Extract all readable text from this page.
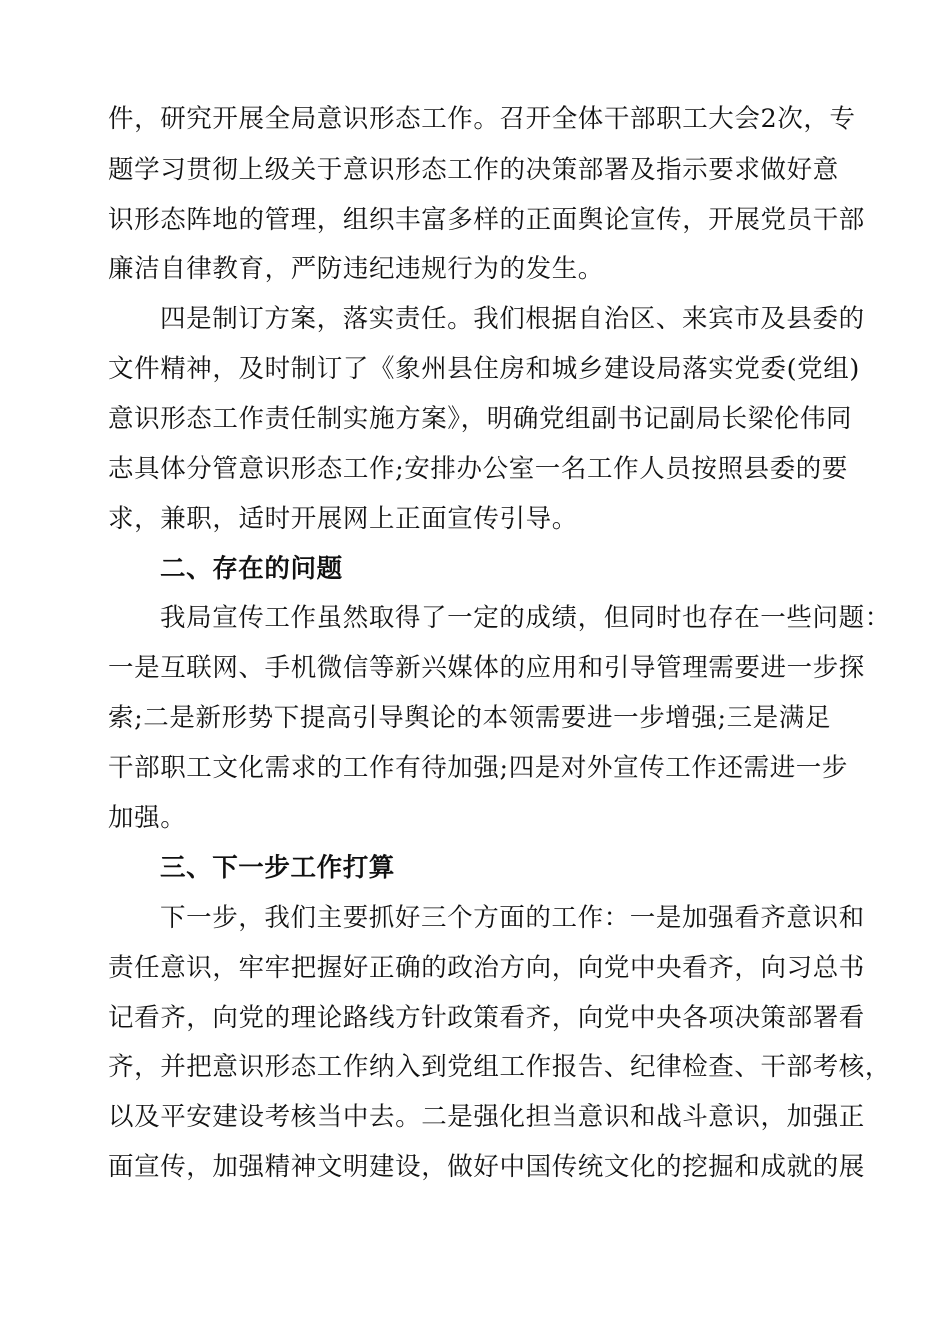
件，研究开展全局意识形态工作。召开全体干部职工大会2次，专
题学习贯彻上级关于意识形态工作的决策部署及指示要求做好意
识形态阵地的管理，组织丰富多样的正面舆论宣传，开展党员干部
廉洁自律教育，严防违纪违规行为的发生。
四是制订方案，落实责任。我们根据自治区、来宾市及县委的
文件精神，及时制订了《象州县住房和城乡建设局落实党委(党组)
意识形态工作责任制实施方案》，明确党组副书记副局长梁伦伟同
志具体分管意识形态工作;安排办公室一名工作人员按照县委的要
求，兼职，适时开展网上正面宣传引导。
二、存在的问题
我局宣传工作虽然取得了一定的成绩，但同时也存在一些问题：
一是互联网、手机微信等新兴媒体的应用和引导管理需要进一步探
索;二是新形势下提高引导舆论的本领需要进一步增强;三是满足
干部职工文化需求的工作有待加强;四是对外宣传工作还需进一步
加强。
三、下一步工作打算
下一步，我们主要抓好三个方面的工作：一是加强看齐意识和
责任意识，牢牢把握好正确的政治方向，向党中央看齐，向习总书
记看齐，向党的理论路线方针政策看齐，向党中央各项决策部署看
齐，并把意识形态工作纳入到党组工作报告、纪律检查、干部考核，
以及平安建设考核当中去。二是强化担当意识和战斗意识，加强正
面宣传，加强精神文明建设，做好中国传统文化的挖掘和成就的展
